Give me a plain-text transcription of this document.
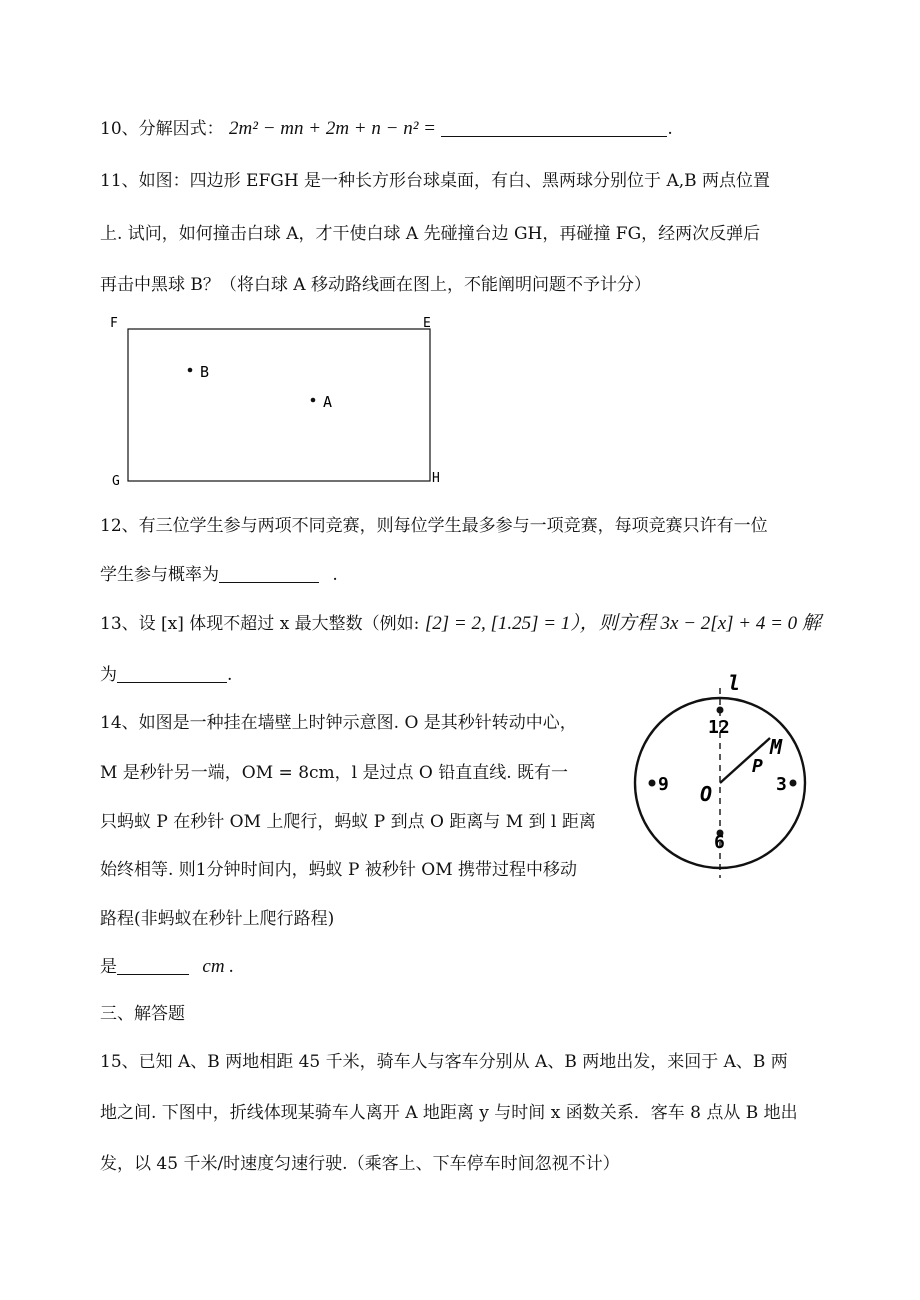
10、分解因式： 2m² − mn + 2m + n − n² =	.
11、如图：四边形 EFGH 是一种长方形台球桌面，有白、黑两球分别位于 A,B 两点位置
上. 试问，如何撞击白球 A，才干使白球 A 先碰撞台边 GH，再碰撞 FG，经两次反弹后
再击中黑球 B？（将白球 A 移动路线画在图上，不能阐明问题不予计分）
F	E
G	H
B
A
12、有三位学生参与两项不同竞赛，则每位学生最多参与一项竞赛，每项竞赛只许有一位
学生参与概率为	.
13、设 [x] 体现不超过 x 最大整数（例如: [2] = 2, [1.25] = 1），则方程 3x − 2[x] + 4 = 0 解
为	.
14、如图是一种挂在墙壁上时钟示意图. O 是其秒针转动中心，
M 是秒针另一端，OM = 8cm，l 是过点 O 铅直直线. 既有一
只蚂蚁 P 在秒针 OM 上爬行，蚂蚁 P 到点 O 距离与 M 到 l 距离
始终相等. 则1分钟时间内，蚂蚁 P 被秒针 OM 携带过程中移动
路程(非蚂蚁在秒针上爬行路程)
是	cm .
l
12
9	3
6
O
M
P
三、解答题
15、已知 A、B 两地相距 45 千米，骑车人与客车分别从 A、B 两地出发，来回于 A、B 两
地之间. 下图中，折线体现某骑车人离开 A 地距离 y 与时间 x 函数关系．客车 8 点从 B 地出
发，以 45 千米/时速度匀速行驶.（乘客上、下车停车时间忽视不计）
